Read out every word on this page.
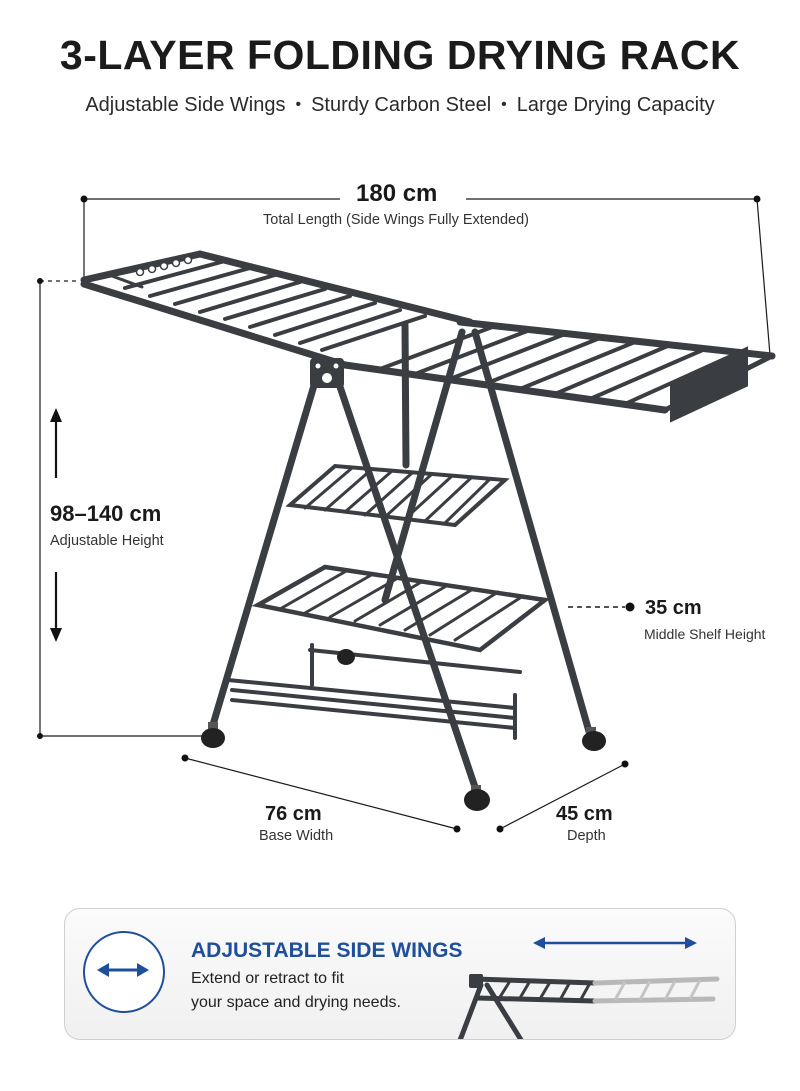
3-LAYER FOLDING DRYING RACK
Adjustable Side Wings • Sturdy Carbon Steel • Large Drying Capacity
180 cm
Total Length (Side Wings Fully Extended)
98–140 cm
Adjustable Height
35 cm
Middle Shelf Height
76 cm
Base Width
45 cm
Depth
ADJUSTABLE SIDE WINGS
Extend or retract to fit
your space and drying needs.
